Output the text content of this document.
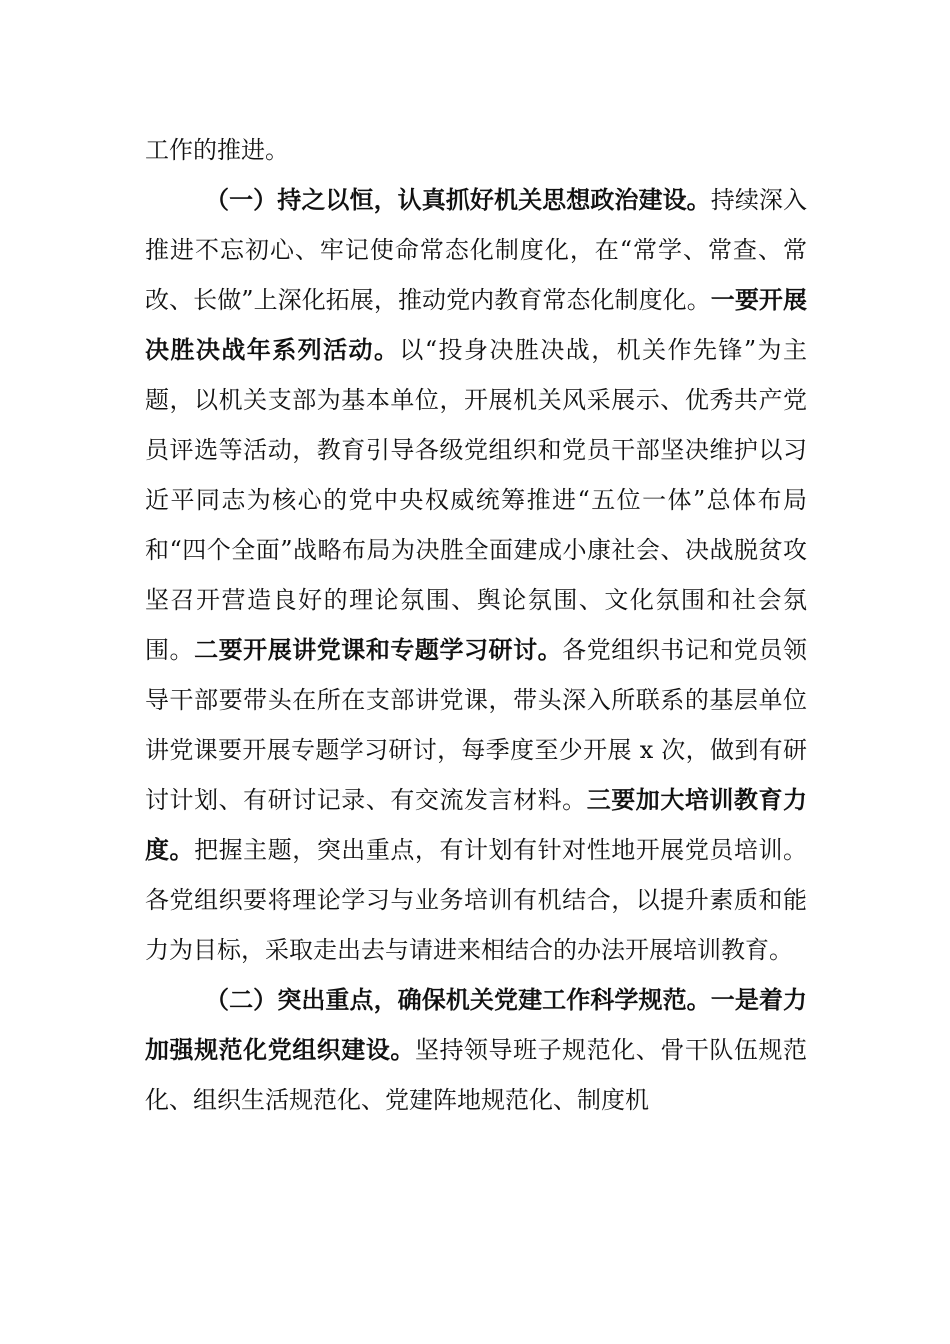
工作的推进。

（一）持之以恒，认真抓好机关思想政治建设。持续深入推进不忘初心、牢记使命常态化制度化，在“常学、常查、常改、长做”上深化拓展，推动党内教育常态化制度化。一要开展决胜决战年系列活动。以“投身决胜决战，机关作先锋”为主题，以机关支部为基本单位，开展机关风采展示、优秀共产党员评选等活动，教育引导各级党组织和党员干部坚决维护以习近平同志为核心的党中央权威统筹推进“五位一体”总体布局和“四个全面”战略布局为决胜全面建成小康社会、决战脱贫攻坚召开营造良好的理论氛围、舆论氛围、文化氛围和社会氛围。二要开展讲党课和专题学习研讨。各党组织书记和党员领导干部要带头在所在支部讲党课，带头深入所联系的基层单位讲党课要开展专题学习研讨，每季度至少开展 x 次，做到有研讨计划、有研讨记录、有交流发言材料。三要加大培训教育力度。把握主题，突出重点，有计划有针对性地开展党员培训。各党组织要将理论学习与业务培训有机结合，以提升素质和能力为目标，采取走出去与请进来相结合的办法开展培训教育。

（二）突出重点，确保机关党建工作科学规范。一是着力加强规范化党组织建设。坚持领导班子规范化、骨干队伍规范化、组织生活规范化、党建阵地规范化、制度机
